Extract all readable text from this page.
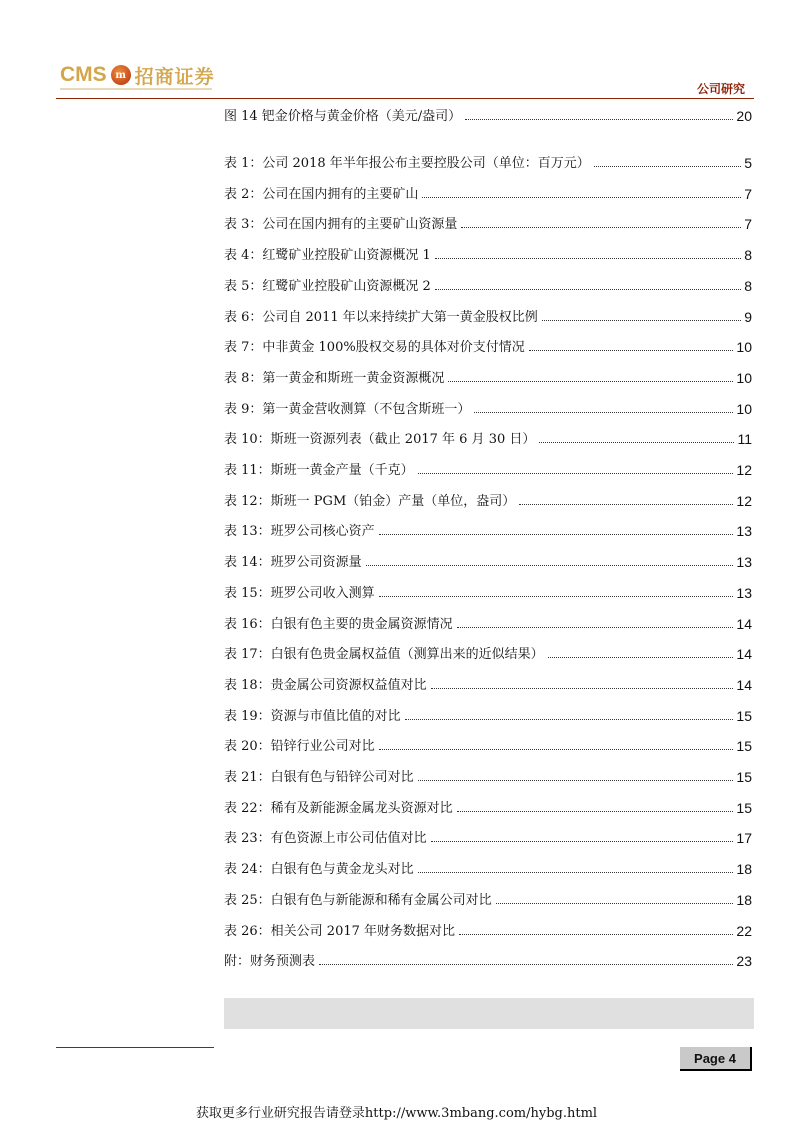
CMS m 招商证券
公司研究
图 14 钯金价格与黄金价格（美元/盎司）	20
表 1：公司 2018 年半年报公布主要控股公司（单位：百万元）	5
表 2：公司在国内拥有的主要矿山	7
表 3：公司在国内拥有的主要矿山资源量	7
表 4：红鹭矿业控股矿山资源概况 1	8
表 5：红鹭矿业控股矿山资源概况 2	8
表 6：公司自 2011 年以来持续扩大第一黄金股权比例	9
表 7：中非黄金 100%股权交易的具体对价支付情况	10
表 8：第一黄金和斯班一黄金资源概况	10
表 9：第一黄金营收测算（不包含斯班一）	10
表 10：斯班一资源列表（截止 2017 年 6 月 30 日）	11
表 11：斯班一黄金产量（千克）	12
表 12：斯班一 PGM（铂金）产量（单位，盎司）	12
表 13：班罗公司核心资产	13
表 14：班罗公司资源量	13
表 15：班罗公司收入测算	13
表 16：白银有色主要的贵金属资源情况	14
表 17：白银有色贵金属权益值（测算出来的近似结果）	14
表 18：贵金属公司资源权益值对比	14
表 19：资源与市值比值的对比	15
表 20：铅锌行业公司对比	15
表 21：白银有色与铅锌公司对比	15
表 22：稀有及新能源金属龙头资源对比	15
表 23：有色资源上市公司估值对比	17
表 24：白银有色与黄金龙头对比	18
表 25：白银有色与新能源和稀有金属公司对比	18
表 26：相关公司 2017 年财务数据对比	22
附：财务预测表	23
Page 4
获取更多行业研究报告请登录http://www.3mbang.com/hybg.html
